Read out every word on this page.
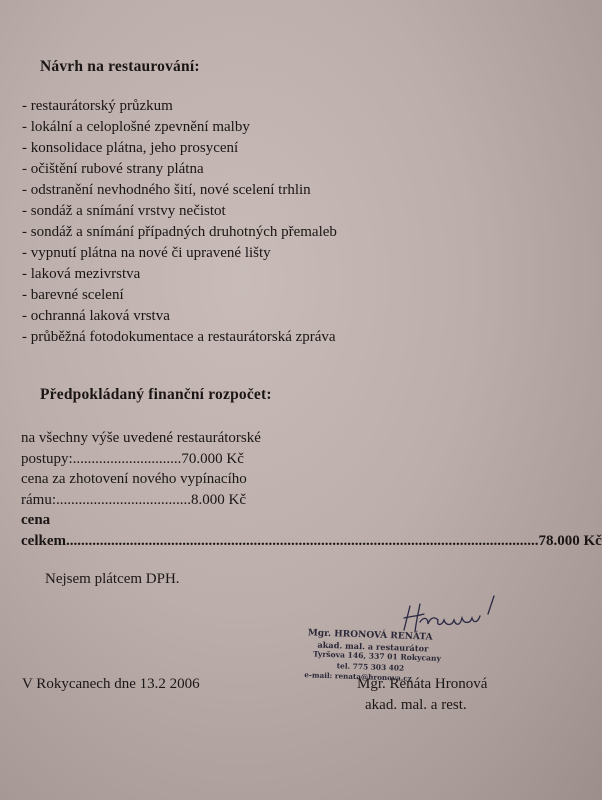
Návrh na restaurování:
- restaurátorský průzkum
- lokální a celoplošné zpevnění malby
- konsolidace plátna, jeho prosycení
- očištění rubové strany plátna
- odstranění nevhodného šití, nové scelení trhlin
- sondáž a snímání vrstvy nečistot
- sondáž a snímání případných druhotných přemaleb
- vypnutí plátna na nové či upravené lišty
- laková mezivrstva
- barevné scelení
- ochranná laková vrstva
- průběžná fotodokumentace a restaurátorská zpráva
Předpokládaný finanční rozpočet:
na všechny výše uvedené restaurátorské
postupy:.............................70.000 Kč
cena za zhotovení nového vypínacího
rámu:....................................8.000 Kč
cena
celkem .............................................................................................................................. 78.000 Kč
Nejsem plátcem DPH.
V Rokycanech dne 13.2 2006
Mgr. HRONOVÁ RENÁTA
akad. mal. a restaurátor
Tyršova 146, 337 01 Rokycany
tel. 775 303 402
e-mail: renata@hronova.cz
Mgr. Renáta Hronová
akad. mal. a rest.
